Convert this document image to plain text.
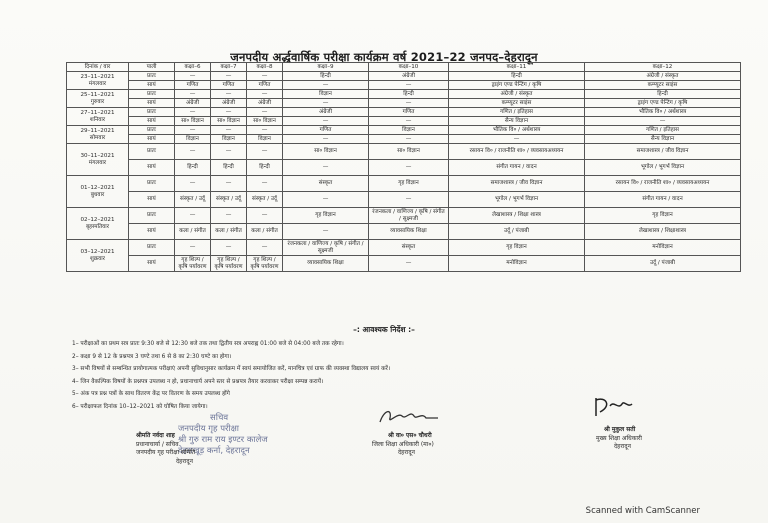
जनपदीय अर्द्धवार्षिक परीक्षा कार्यक्रम वर्ष 2021–22 जनपद–देहरादून
दिनांक / वार	पाली	कक्षा–6	कक्षा–7	कक्षा–8	कक्षा–9	कक्षा–10	कक्षा–11	कक्षा–12

23–11–2021
मंगलवार	प्रातः	—	—	—	हिन्दी	अंग्रेजी	हिन्दी	अंग्रेजी / संस्कृत
	सायं	गणित	गणित	गणित	—	—	ड्राइंग एण्ड पेन्टिंग / कृषि	कम्प्यूटर साइंस

25–11–2021
गुरुवार	प्रातः	—	—	—	विज्ञान	हिन्दी	अंग्रेजी / संस्कृत	हिन्दी
	सायं	अंग्रेजी	अंग्रेजी	अंग्रेजी	—	—	कम्प्यूटर साइंस	ड्राइंग एण्ड पेन्टिंग / कृषि

27–11–2021
शनिवार	प्रातः	—	—	—	अंग्रेजी	गणित	गणित / इतिहास	भौतिक वि० / अर्थशास्त्र
	सायं	सा० विज्ञान	सा० विज्ञान	सा० विज्ञान	—	—	सैन्य विज्ञान	—

29–11–2021
सोमवार	प्रातः	—	—	—	गणित	विज्ञान	भौतिक वि० / अर्थशास्त्र	गणित / इतिहास
	सायं	विज्ञान	विज्ञान	विज्ञान	—	—	—	सैन्य विज्ञान

30–11–2021
मंगलवार	प्रातः	—	—	—	सा० विज्ञान	सा० विज्ञान	रसायन वि० / राजनीति शा० / व्यवसायअध्ययन	समाजशास्त्र / जीव विज्ञान
	सायं	हिन्दी	हिन्दी	हिन्दी	—	—	संगीत गायन / वादन	भूगोल / भूगर्भ विज्ञान

01–12–2021
बुधवार	प्रातः	—	—	—	संस्कृत	गृह विज्ञान	समाजशास्त्र / जीव विज्ञान	रसायन वि० / राजनीति शा० / व्यवसायअध्ययन
	सायं	संस्कृत / उर्दू	संस्कृत / उर्दू	संस्कृत / उर्दू	—	—	भूगोल / भूगर्भ विज्ञान	संगीत गायन / वादन

02–12–2021
बृहस्पतिवार	प्रातः	—	—	—	गृह विज्ञान	रंजनकला / वाणिज्य / कृषि / संगीत / सूक्ष्मजी	लेखाशास्त्र / शिक्षा शास्त्र	गृह विज्ञान
	सायं	कला / संगीत	कला / संगीत	कला / संगीत	—	व्यावसायिक शिक्षा	उर्दू / पंजाबी	लेखाशास्त्र / शिक्षाशास्त्र

03–12–2021
शुक्रवार	प्रातः	—	—	—	रंजनकला / वाणिज्य / कृषि / संगीत / सूक्ष्मजी	संस्कृत	गृह विज्ञान	मनोविज्ञान
	सायं	गृह शिल्प / कृषि पर्यावरण	गृह शिल्प / कृषि पर्यावरण	गृह शिल्प / कृषि पर्यावरण	व्यावसायिक शिक्षा	—	मनोविज्ञान	उर्दू / पंजाबी
–: आवश्यक निर्देश :–
1– परीक्षाओं का प्रथम सत्र प्रातः 9:30 बजे से 12:30 बजे तक तथा द्वितीय सत्र अपराह्न 01:00 बजे से 04:00 बजे तक रहेगा।
2– कक्षा 9 से 12 के प्रश्नपत्र 3 घण्टे तथा 6 से 8 का 2:30 घण्टे का होगा।
3– सभी विषयों से सम्बन्धित प्रायोगात्मक परीक्षाएं अपनी सुविधानुसार कार्यक्रम में स्वयं समायोजित करें, मानचित्र एवं ग्राफ की व्यवस्था विद्यालय स्वयं करें।
4– जिन वैकल्पिक विषयों के प्रश्नपत्र उपलब्ध न हो, प्रधानाचार्य अपने स्तर से प्रश्नपत्र तैयार करवाकर परीक्षा सम्पन्न करायें।
5– अंक पत्र प्रश्न पत्रों के साथ वितरण केंद्र पर वितरण के समय उपलब्ध होंगे
6– परीक्षाफल दिनांक 10–12–2021 को घोषित किया जायेगा।
सचिव
जनपदीय गृह परीक्षा
श्री गुरु राम राय इण्टर कालेज
देहराखूड़ कर्ना, देहरादून
श्रीमति नर्वदा शाह
प्रधानाचार्या / सचिव
जनपदीय गृह परीक्षा समिति
देहरादून
श्री वा० एस० चौधरी
जिला शिक्षा अधिकारी (मा०)
देहरादून
श्री मुकुल सती
मुख्य शिक्षा अधिकारी
देहरादून
Scanned with CamScanner
